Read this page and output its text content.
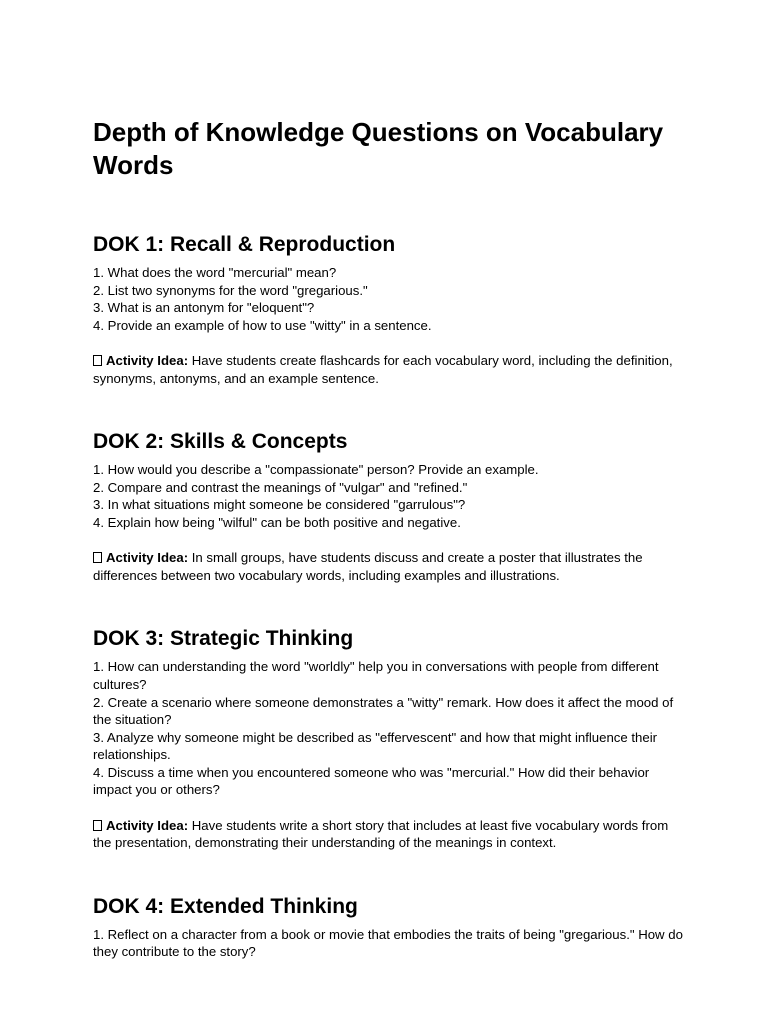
Depth of Knowledge Questions on Vocabulary Words
DOK 1: Recall & Reproduction
1. What does the word "mercurial" mean?
2. List two synonyms for the word "gregarious."
3. What is an antonym for "eloquent"?
4. Provide an example of how to use "witty" in a sentence.

Activity Idea: Have students create flashcards for each vocabulary word, including the definition, synonyms, antonyms, and an example sentence.

DOK 2: Skills & Concepts
1. How would you describe a "compassionate" person? Provide an example.
2. Compare and contrast the meanings of "vulgar" and "refined."
3. In what situations might someone be considered "garrulous"?
4. Explain how being "wilful" can be both positive and negative.

Activity Idea: In small groups, have students discuss and create a poster that illustrates the differences between two vocabulary words, including examples and illustrations.

DOK 3: Strategic Thinking
1. How can understanding the word "worldly" help you in conversations with people from different cultures?
2. Create a scenario where someone demonstrates a "witty" remark. How does it affect the mood of the situation?
3. Analyze why someone might be described as "effervescent" and how that might influence their relationships.
4. Discuss a time when you encountered someone who was "mercurial." How did their behavior impact you or others?

Activity Idea: Have students write a short story that includes at least five vocabulary words from the presentation, demonstrating their understanding of the meanings in context.

DOK 4: Extended Thinking
1. Reflect on a character from a book or movie that embodies the traits of being "gregarious." How do they contribute to the story?
